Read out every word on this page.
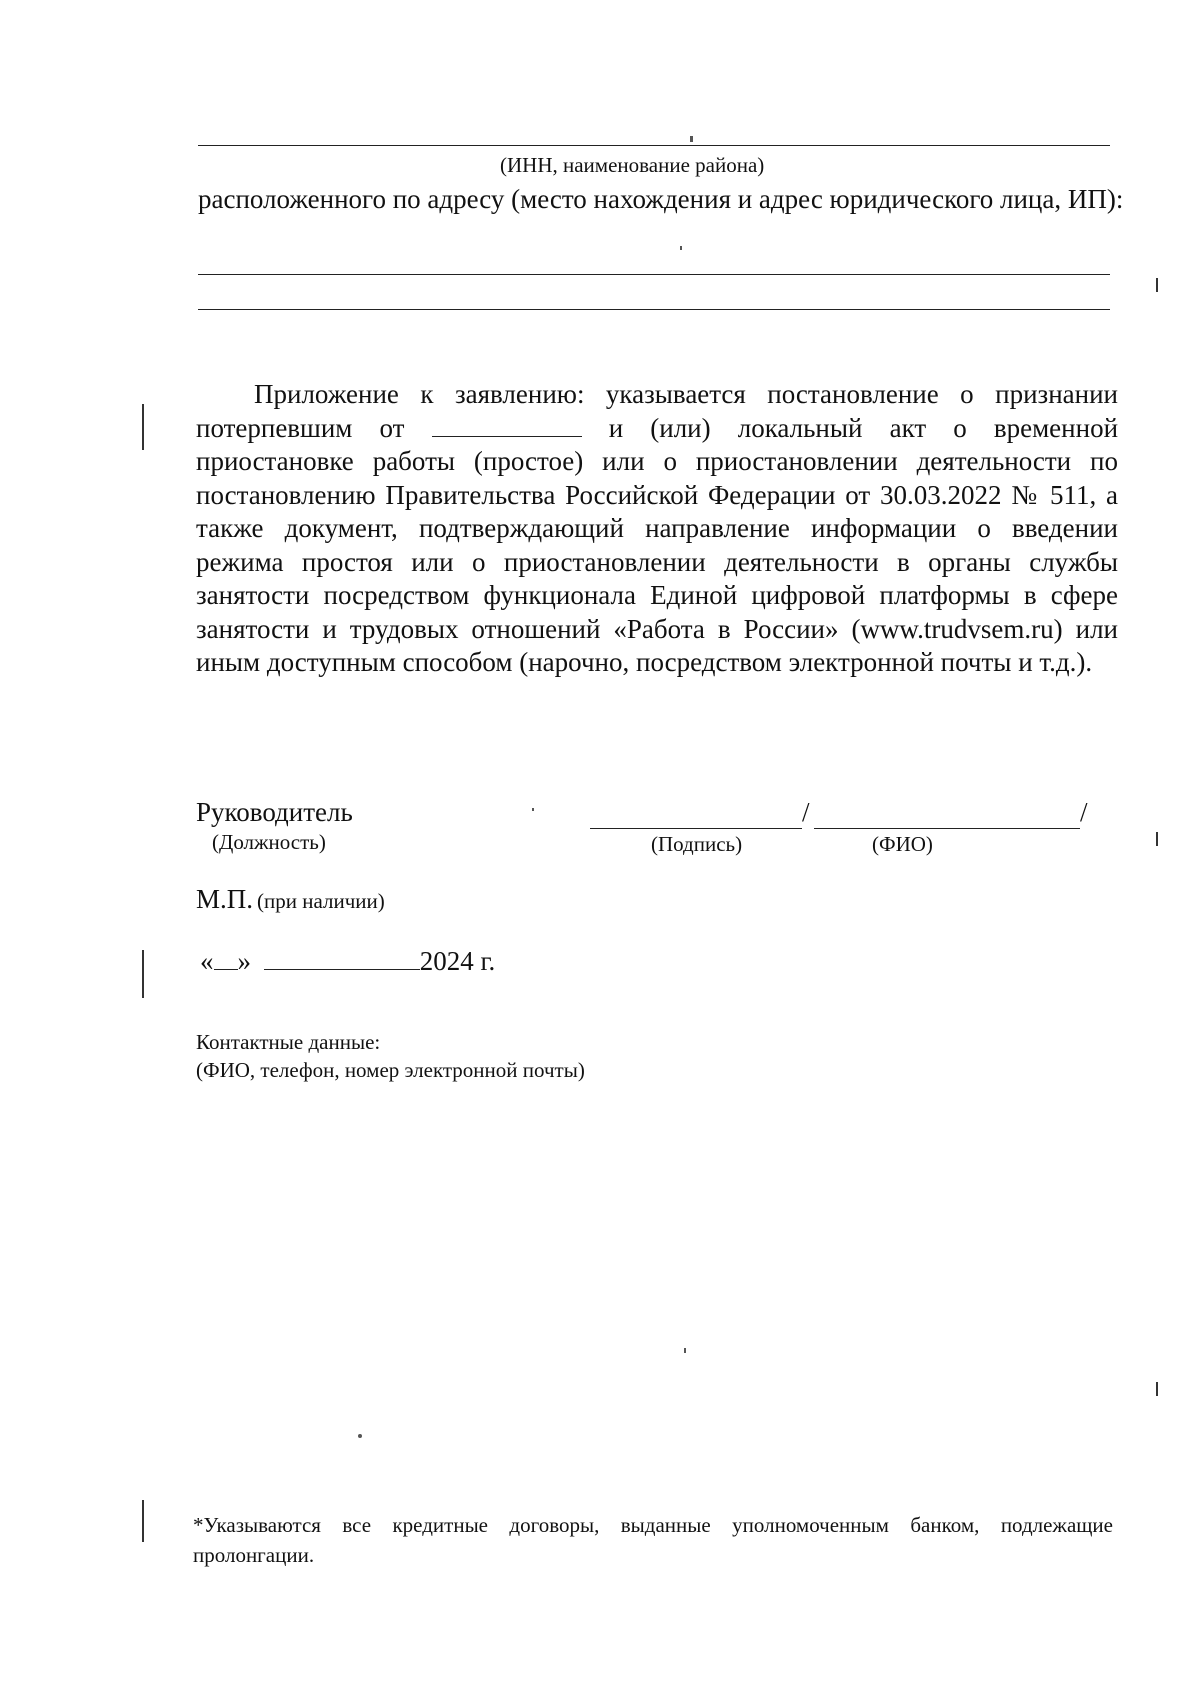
(ИНН, наименование района)
расположенного по адресу (место нахождения и адрес юридического лица, ИП):
Приложение к заявлению: указывается постановление о признании потерпевшим от	и (или) локальный акт о временной приостановке работы (простое) или о приостановлении деятельности по постановлению Правительства Российской Федерации от 30.03.2022 № 511, а также документ, подтверждающий направление информации о введении режима простоя или о приостановлении деятельности в органы службы занятости посредством функционала Единой цифровой платформы в сфере занятости и трудовых отношений «Работа в России» (www.trudvsem.ru) или иным доступным способом (нарочно, посредством электронной почты и т.д.).
Руководитель
(Должность)
/	/
(Подпись)	(ФИО)
М.П. (при наличии)
« »	2024 г.
Контактные данные:
(ФИО, телефон, номер электронной почты)
*Указываются все кредитные договоры, выданные уполномоченным банком, подлежащие пролонгации.
